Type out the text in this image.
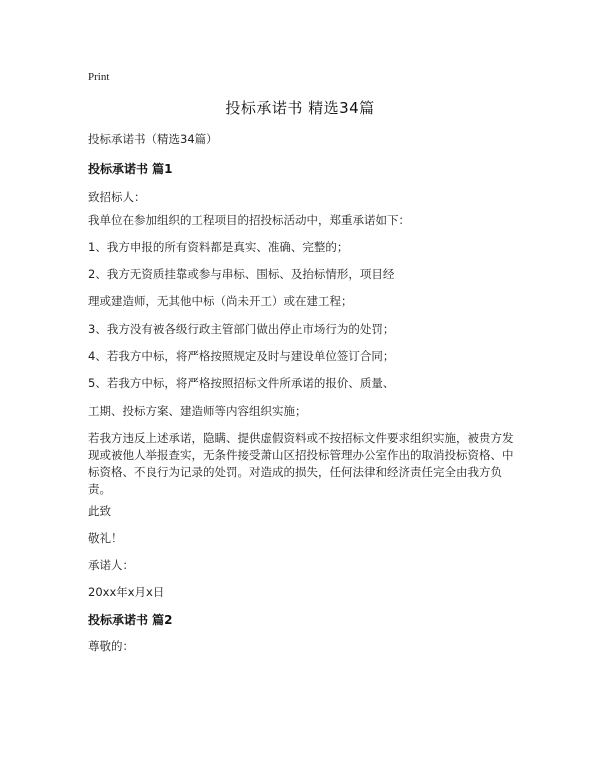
Print
投标承诺书 精选34篇
投标承诺书（精选34篇）
投标承诺书 篇1
致招标人：
我单位在参加组织的工程项目的招投标活动中，郑重承诺如下：
1、我方申报的所有资料都是真实、准确、完整的；
2、我方无资质挂靠或参与串标、围标、及抬标情形，项目经
理或建造师，无其他中标（尚未开工）或在建工程；
3、我方没有被各级行政主管部门做出停止市场行为的处罚；
4、若我方中标，将严格按照规定及时与建设单位签订合同；
5、若我方中标，将严格按照招标文件所承诺的报价、质量、
工期、投标方案、建造师等内容组织实施；
若我方违反上述承诺，隐瞒、提供虚假资料或不按招标文件要求组织实施，被贵方发现或被他人举报查实，无条件接受萧山区招投标管理办公室作出的取消投标资格、中标资格、不良行为记录的处罚。对造成的损失，任何法律和经济责任完全由我方负责。
此致
敬礼！
承诺人：
20xx年x月x日
投标承诺书 篇2
尊敬的：
